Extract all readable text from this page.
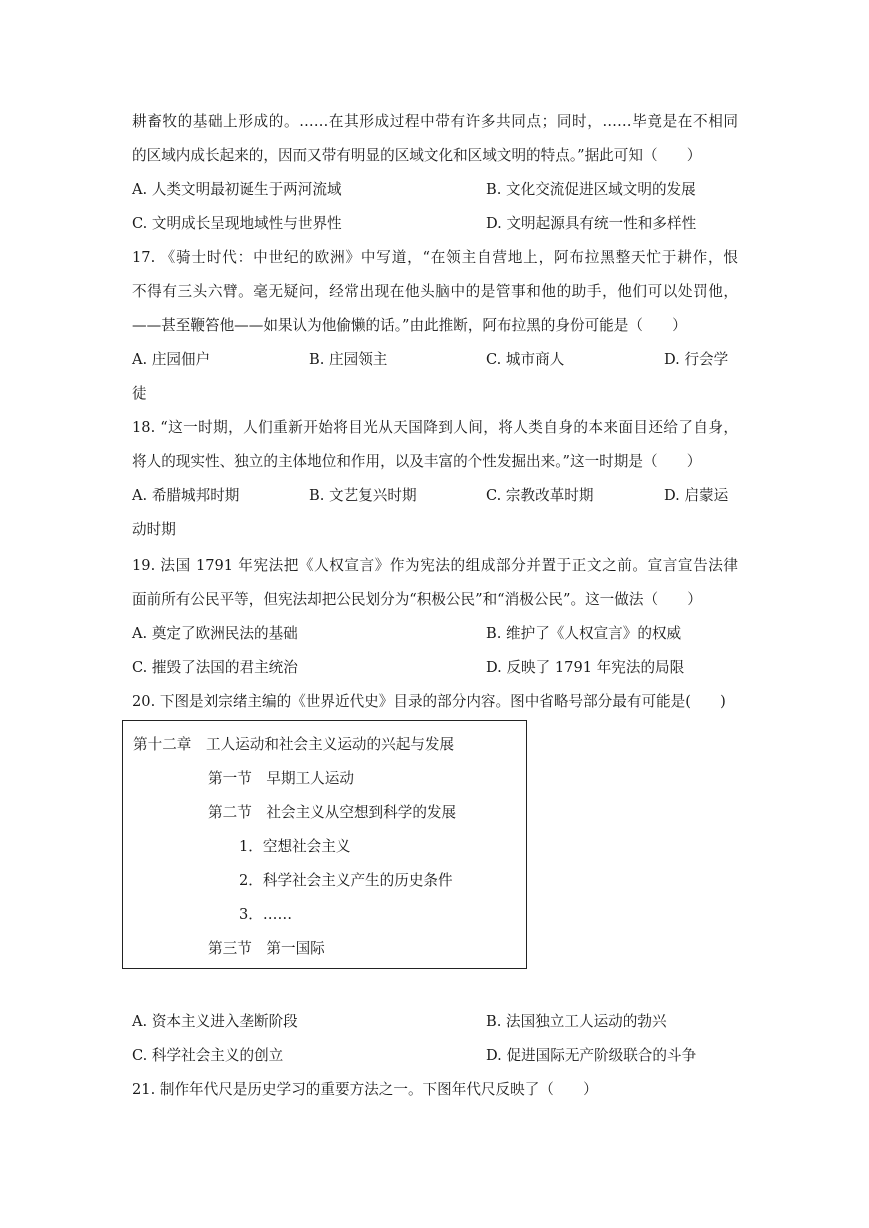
耕畜牧的基础上形成的。……在其形成过程中带有许多共同点；同时，……毕竟是在不相同
的区域内成长起来的，因而又带有明显的区域文化和区域文明的特点。”据此可知（　　）
A. 人类文明最初诞生于两河流域	B. 文化交流促进区域文明的发展
C. 文明成长呈现地域性与世界性	D. 文明起源具有统一性和多样性
17. 《骑士时代：中世纪的欧洲》中写道，“在领主自营地上，阿布拉黑整天忙于耕作，恨
不得有三头六臂。毫无疑问，经常出现在他头脑中的是管事和他的助手，他们可以处罚他，
——甚至鞭笞他——如果认为他偷懒的话。”由此推断，阿布拉黑的身份可能是（　　）
A. 庄园佃户	B. 庄园领主	C. 城市商人	D. 行会学
徒
18. “这一时期，人们重新开始将目光从天国降到人间，将人类自身的本来面目还给了自身，
将人的现实性、独立的主体地位和作用，以及丰富的个性发掘出来。”这一时期是（　　）
A. 希腊城邦时期	B. 文艺复兴时期	C. 宗教改革时期	D. 启蒙运
动时期
19. 法国 1791 年宪法把《人权宣言》作为宪法的组成部分并置于正文之前。宣言宣告法律
面前所有公民平等，但宪法却把公民划分为“积极公民”和“消极公民”。这一做法（　　）
A. 奠定了欧洲民法的基础	B. 维护了《人权宣言》的权威
C. 摧毁了法国的君主统治	D. 反映了 1791 年宪法的局限
20. 下图是刘宗绪主编的《世界近代史》目录的部分内容。图中省略号部分最有可能是(　　)
第十二章　工人运动和社会主义运动的兴起与发展
第一节　早期工人运动
第二节　社会主义从空想到科学的发展
1．空想社会主义
2．科学社会主义产生的历史条件
3．……
第三节　第一国际
A. 资本主义进入垄断阶段	B. 法国独立工人运动的勃兴
C. 科学社会主义的创立	D. 促进国际无产阶级联合的斗争
21. 制作年代尺是历史学习的重要方法之一。下图年代尺反映了（　　）
